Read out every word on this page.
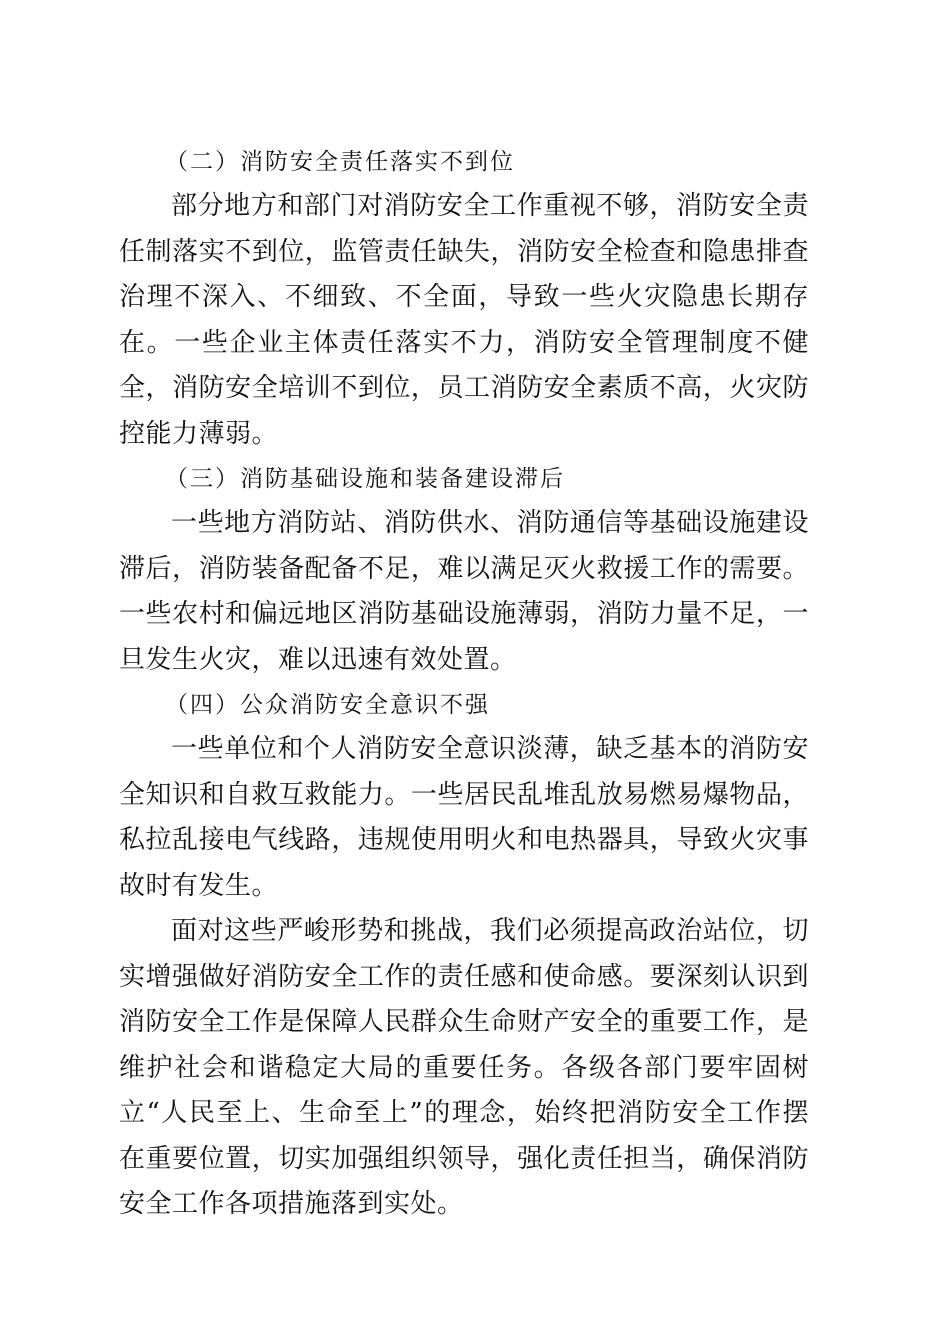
（二）消防安全责任落实不到位

部分地方和部门对消防安全工作重视不够，消防安全责任制落实不到位，监管责任缺失，消防安全检查和隐患排查治理不深入、不细致、不全面，导致一些火灾隐患长期存在。一些企业主体责任落实不力，消防安全管理制度不健全，消防安全培训不到位，员工消防安全素质不高，火灾防控能力薄弱。

（三）消防基础设施和装备建设滞后

一些地方消防站、消防供水、消防通信等基础设施建设滞后，消防装备配备不足，难以满足灭火救援工作的需要。一些农村和偏远地区消防基础设施薄弱，消防力量不足，一旦发生火灾，难以迅速有效处置。

（四）公众消防安全意识不强

一些单位和个人消防安全意识淡薄，缺乏基本的消防安全知识和自救互救能力。一些居民乱堆乱放易燃易爆物品，私拉乱接电气线路，违规使用明火和电热器具，导致火灾事故时有发生。

面对这些严峻形势和挑战，我们必须提高政治站位，切实增强做好消防安全工作的责任感和使命感。要深刻认识到消防安全工作是保障人民群众生命财产安全的重要工作，是维护社会和谐稳定大局的重要任务。各级各部门要牢固树立“人民至上、生命至上”的理念，始终把消防安全工作摆在重要位置，切实加强组织领导，强化责任担当，确保消防安全工作各项措施落到实处。
